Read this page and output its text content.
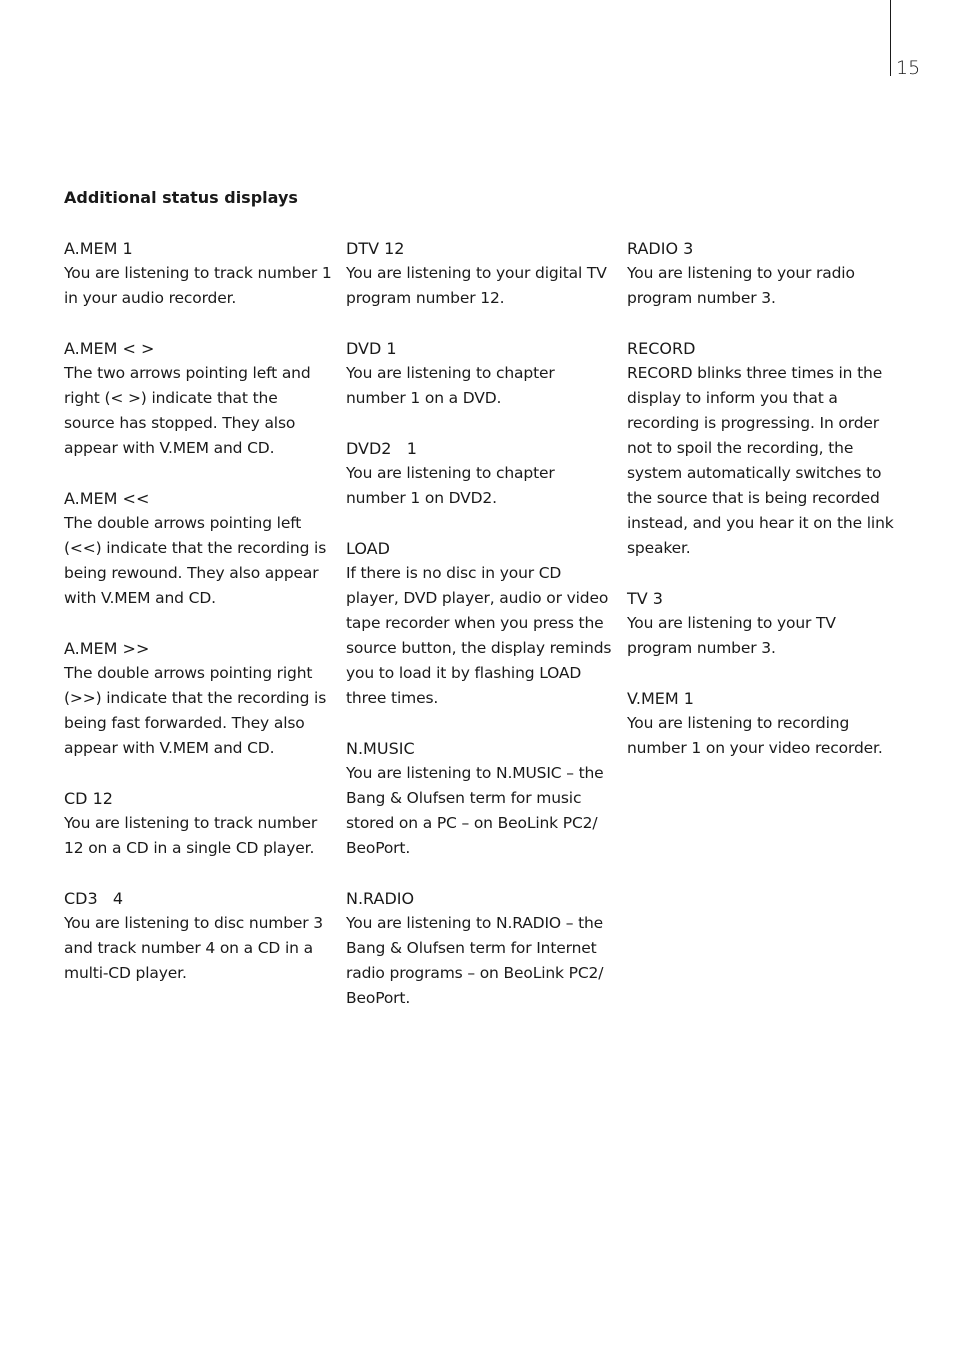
15
Additional status displays

A.MEM 1

You are listening to track number 1 in your audio recorder.

A.MEM < >

The two arrows pointing left and right (< >) indicate that the source has stopped. They also appear with V.MEM and CD.

A.MEM <<

The double arrows pointing left (<<) indicate that the recording is being rewound. They also appear with V.MEM and CD.

A.MEM >>

The double arrows pointing right (>>) indicate that the recording is being fast forwarded. They also appear with V.MEM and CD.

CD 12

You are listening to track number 12 on a CD in a single CD player.

CD3   4

You are listening to disc number 3 and track number 4 on a CD in a multi-CD player.

DTV 12

You are listening to your digital TV program number 12.

DVD 1

You are listening to chapter number 1 on a DVD.

DVD2   1

You are listening to chapter number 1 on DVD2.

LOAD

If there is no disc in your CD player, DVD player, audio or video tape recorder when you press the source button, the display reminds you to load it by flashing LOAD three times.

N.MUSIC

You are listening to N.MUSIC – the Bang & Olufsen term for music stored on a PC – on BeoLink PC2/ BeoPort.

N.RADIO

You are listening to N.RADIO – the Bang & Olufsen term for Internet radio programs – on BeoLink PC2/ BeoPort.

RADIO 3

You are listening to your radio program number 3.

RECORD

RECORD blinks three times in the display to inform you that a recording is progressing. In order not to spoil the recording, the system automatically switches to the source that is being recorded instead, and you hear it on the link speaker.

TV 3

You are listening to your TV program number 3.

V.MEM 1

You are listening to recording number 1 on your video recorder.
